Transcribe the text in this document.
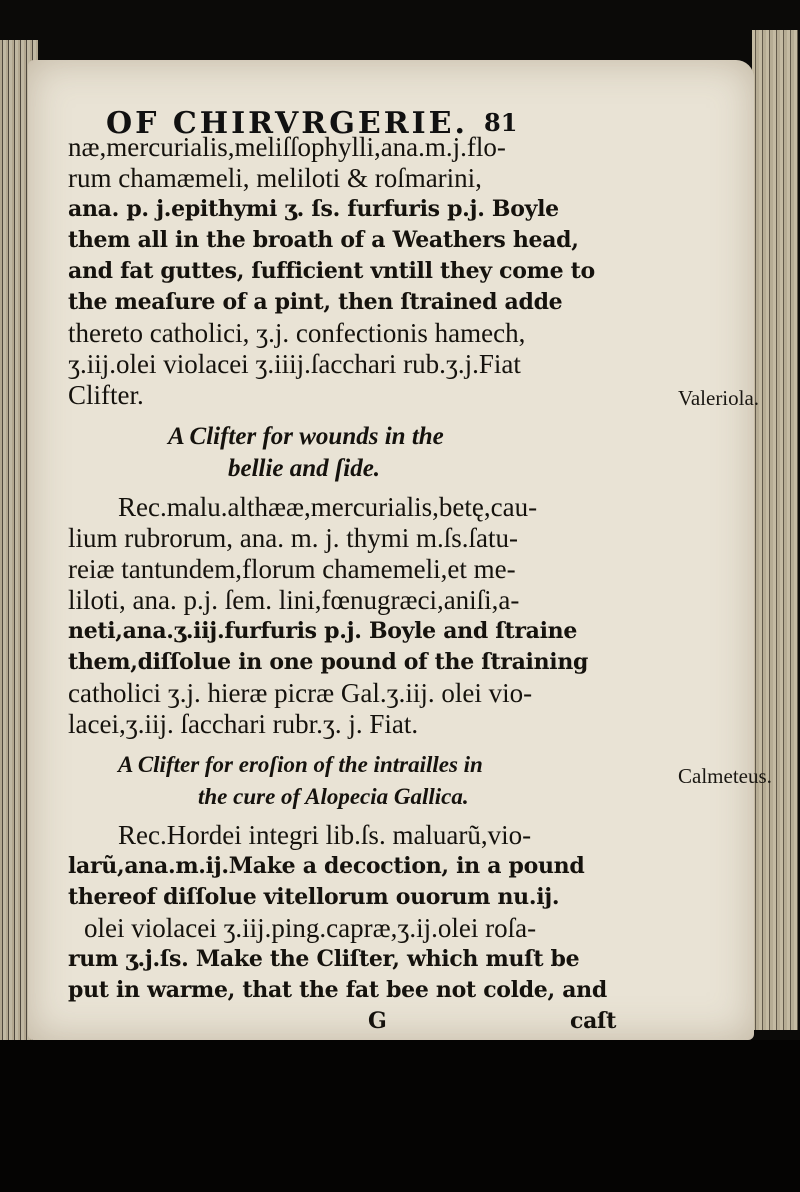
OF CHIRVRGERIE. 81
næ,mercurialis,meliſſophylli,ana.m.j.flo-
rum chamæmeli, meliloti & roſmarini,
ana. p. j.epithymi ʒ. ſs. furfuris p.j. Boyle
them all in the broath of a Weathers head,
and fat guttes, ſufficient vntill they come to
the meaſure of a pint, then ſtrained adde
thereto catholici, ʒ.j. confectionis hamech,
ʒ.iij.olei violacei ʒ.iiij.ſacchari rub.ʒ.j.Fiat
Clifter.
A Clifter for wounds in the
bellie and ſide.
Rec.malu.althææ,mercurialis,betę,cau-
lium rubrorum, ana. m. j. thymi m.ſs.ſatu-
reiæ tantundem,florum chamemeli,et me-
liloti, ana. p.j. ſem. lini,fœnugræci,aniſi,a-
neti,ana.ʒ.iij.furfuris p.j. Boyle and ſtraine
them,diſſolue in one pound of the ſtraining
catholici ʒ.j. hieræ picræ Gal.ʒ.iij. olei vio-
lacei,ʒ.iij. ſacchari rubr.ʒ. j. Fiat.
A Clifter for eroſion of the intrailles in
the cure of Alopecia Gallica.
Rec.Hordei integri lib.ſs. maluarũ,vio-
larũ,ana.m.ij.Make a decoction, in a pound
thereof diſſolue vitellorum ouorum nu.ij.
olei violacei ʒ.iij.ping.capræ,ʒ.ij.olei roſa-
rum ʒ.j.ſs. Make the Cliſter, which muſt be
put in warme, that the fat bee not colde, and
G	caſt
Valeriola.
Calmeteus.
